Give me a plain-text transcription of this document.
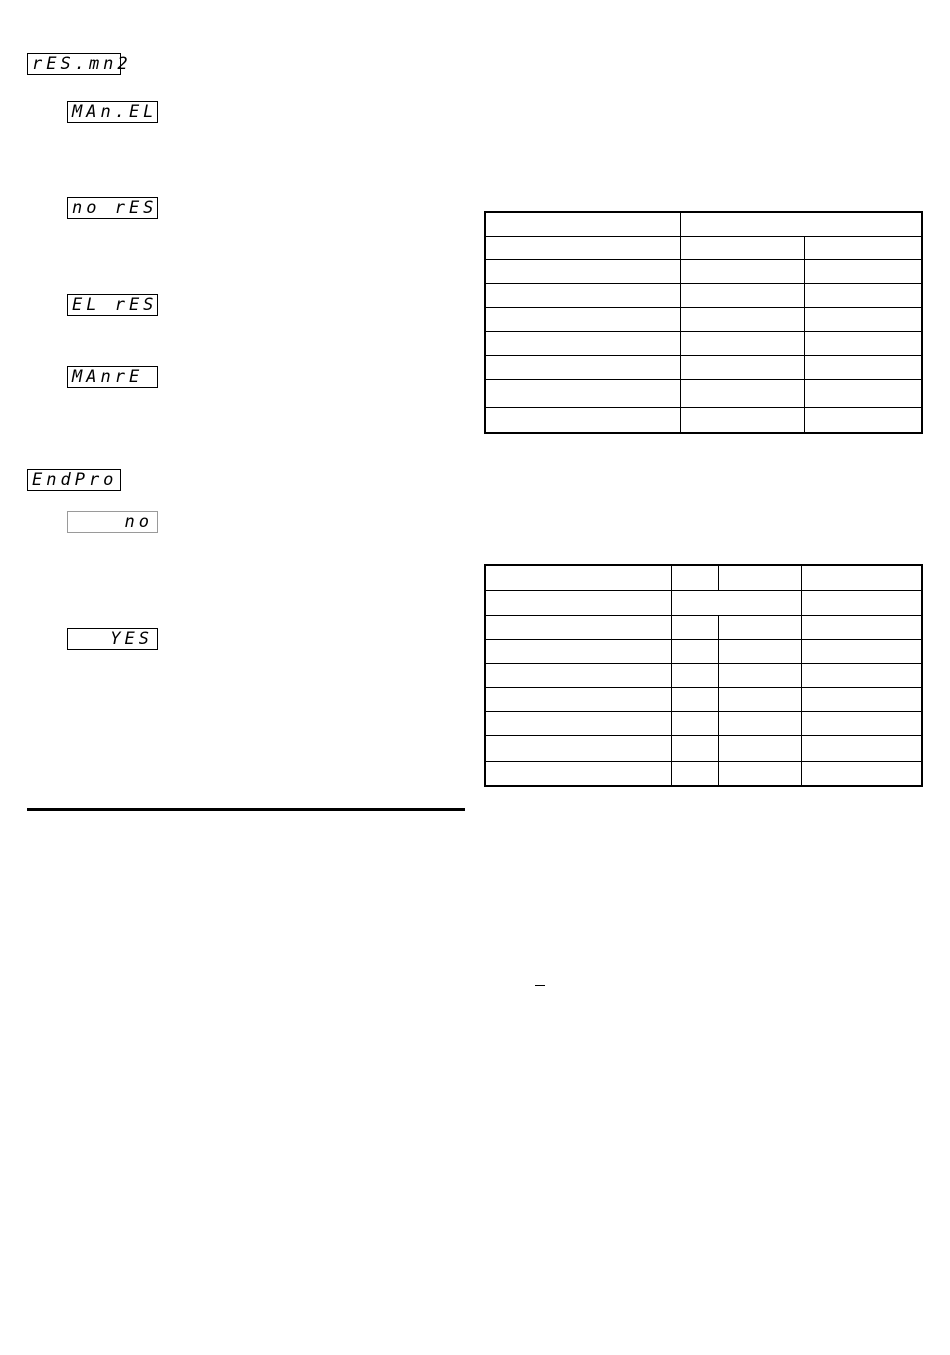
rES.mn2
MAn.EL
no rES
EL rES
MAnrE
EndPro
no
YES
